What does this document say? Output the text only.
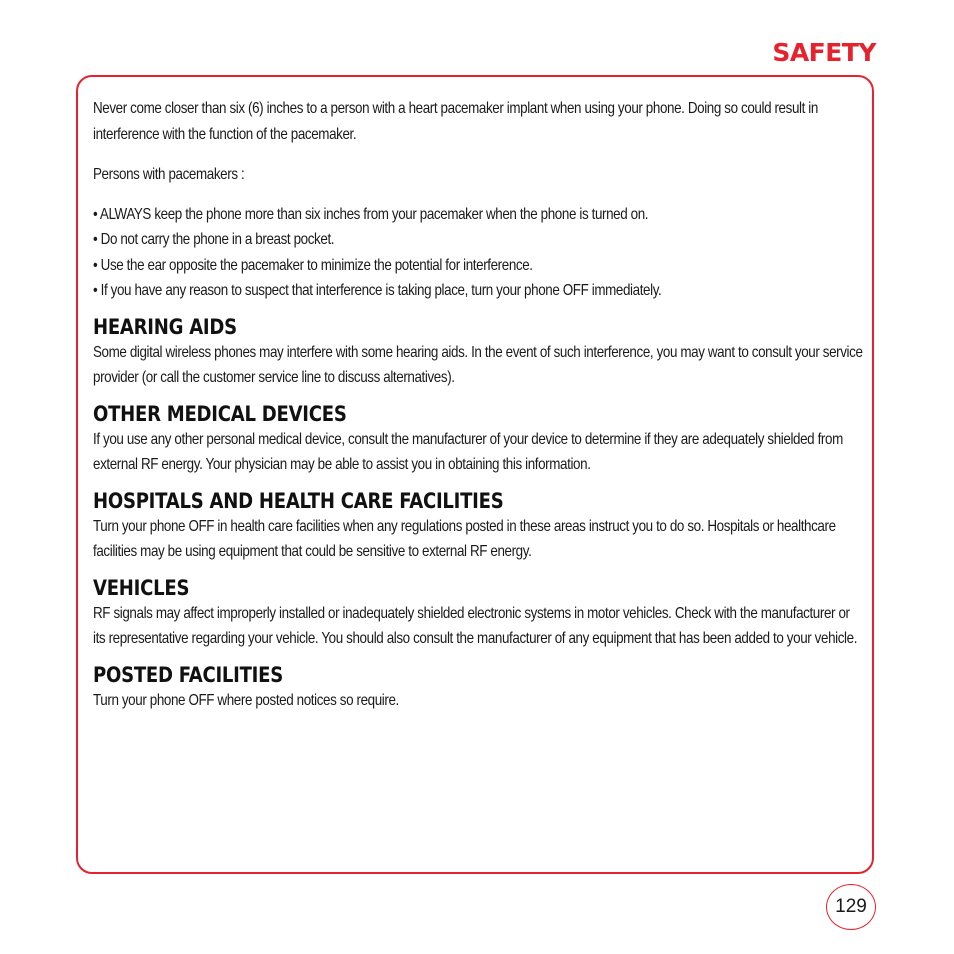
SAFETY

Never come closer than six (6) inches to a person with a heart pacemaker implant when using your phone. Doing so could result in interference with the function of the pacemaker.

Persons with pacemakers :

• ALWAYS keep the phone more than six inches from your pacemaker when the phone is turned on.
• Do not carry the phone in a breast pocket.
• Use the ear opposite the pacemaker to minimize the potential for interference.
• If you have any reason to suspect that interference is taking place, turn your phone OFF immediately.
HEARING AIDS

Some digital wireless phones may interfere with some hearing aids. In the event of such interference, you may want to consult your service provider (or call the customer service line to discuss alternatives).

OTHER MEDICAL DEVICES

If you use any other personal medical device, consult the manufacturer of your device to determine if they are adequately shielded from external RF energy. Your physician may be able to assist you in obtaining this information.

HOSPITALS AND HEALTH CARE FACILITIES

Turn your phone OFF in health care facilities when any regulations posted in these areas instruct you to do so. Hospitals or healthcare facilities may be using equipment that could be sensitive to external RF energy.

VEHICLES

RF signals may affect improperly installed or inadequately shielded electronic systems in motor vehicles. Check with the manufacturer or its representative regarding your vehicle. You should also consult the manufacturer of any equipment that has been added to your vehicle.

POSTED FACILITIES

Turn your phone OFF where posted notices so require.

129
